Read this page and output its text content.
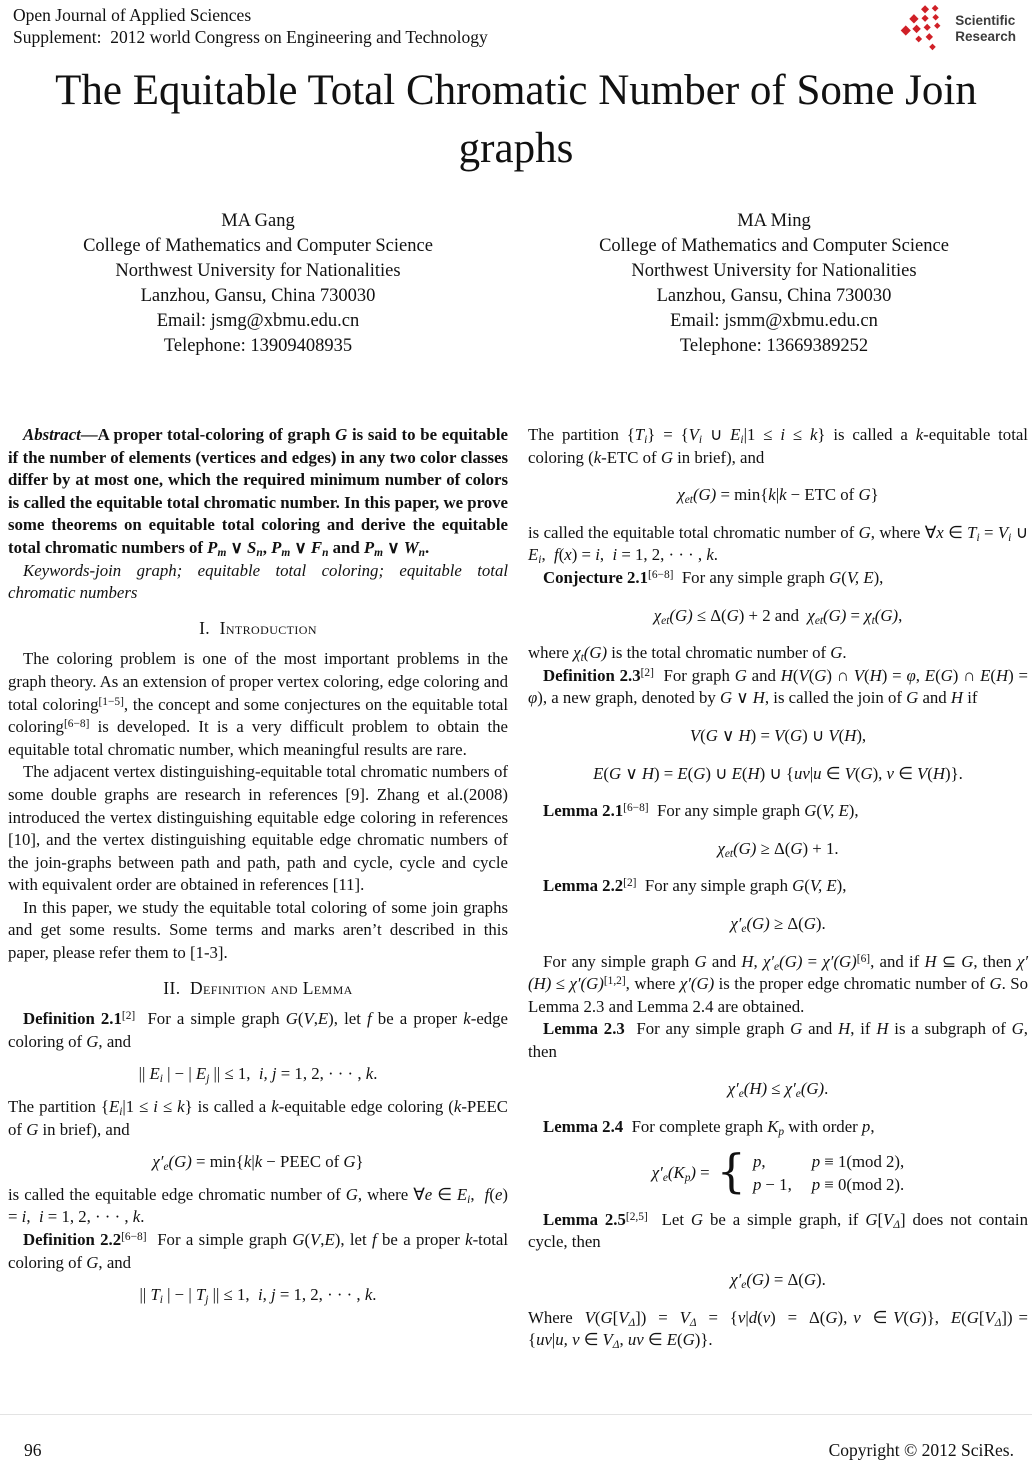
Open Journal of Applied Sciences
Supplement:  2012 world Congress on Engineering and Technology
Scientific
Research
The Equitable Total Chromatic Number of Some Join graphs
MA Gang
College of Mathematics and Computer Science
Northwest University for Nationalities
Lanzhou, Gansu, China 730030
Email: jsmg@xbmu.edu.cn
Telephone: 13909408935
MA Ming
College of Mathematics and Computer Science
Northwest University for Nationalities
Lanzhou, Gansu, China 730030
Email: jsmm@xbmu.edu.cn
Telephone: 13669389252

Abstract—A proper total-coloring of graph G is said to be equitable if the number of elements (vertices and edges) in any two color classes differ by at most one, which the required minimum number of colors is called the equitable total chromatic number. In this paper, we prove some theorems on equitable total coloring and derive the equitable total chromatic numbers of $P_m$ ∨ $S_n$, $P_m$ ∨ $F_n$ and $P_m$ ∨ $W_n$.

Keywords-join graph; equitable total coloring; equitable total chromatic numbers

I.  Introduction

The coloring problem is one of the most important problems in the graph theory. As an extension of proper vertex coloring, edge coloring and total coloring[1−5], the concept and some conjectures on the equitable total coloring[6−8] is developed. It is a very difficult problem to obtain the equitable total chromatic number, which meaningful results are rare.

The adjacent vertex distinguishing-equitable total chromatic numbers of some double graphs are research in references [9]. Zhang et al.(2008) introduced the vertex distinguishing equitable edge coloring in references [10], and the vertex distinguishing equitable edge chromatic numbers of the join-graphs between path and path, path and cycle, cycle and cycle with equivalent order are obtained in references [11].

In this paper, we study the equitable total coloring of some join graphs and get some results. Some terms and marks aren’t described in this paper, please refer them to [1-3].

II.  Definition and Lemma

Definition 2.1[2]  For a simple graph G(V,E), let f be a proper k-edge coloring of G, and

|| $E_i$ | − | $E_j$ || ≤ 1,  i, j = 1, 2, · · · , k.

The partition $\{E_i|1 \le i \le k\}$ is called a k-equitable edge coloring (k-PEEC of G in brief), and

$\chi'_e(G) = \min\{k|k$ − PEEC of G}

is called the equitable edge chromatic number of G, where ∀e ∈ $E_i$,  f(e) = i,  i = 1, 2, · · · , k.

Definition 2.2[6−8]  For a simple graph G(V,E), let f be a proper k-total coloring of G, and

|| $T_i$ | − | $T_j$ || ≤ 1,  i, j = 1, 2, · · · , k.

The partition $\{T_i\} = \{V_i$ ∪ $E_i|1 \le i \le k$} is called a k-equitable total coloring (k-ETC of G in brief), and

$\chi_{et}(G) = \min\{k|k$ − ETC of G}

is called the equitable total chromatic number of G, where ∀x ∈ $T_i = V_i$ ∪ $E_i$,  f(x) = i,  i = 1, 2, · · · , k.

Conjecture 2.1[6−8]  For any simple graph G(V, E),

$\chi_{et}(G) \le \Delta(G) + 2$ and  $\chi_{et}(G) = \chi_t(G)$,

where $\chi_t(G)$ is the total chromatic number of G.

Definition 2.3[2]  For graph G and H(V(G) ∩ V(H) = φ, E(G) ∩ E(H) = φ), a new graph, denoted by G ∨ H, is called the join of G and H if

V(G ∨ H) = V(G) ∪ V(H),
E(G ∨ H) = E(G) ∪ E(H) ∪ {uv|u ∈ V(G), v ∈ V(H)}.

Lemma 2.1[6−8]  For any simple graph G(V, E),

$\chi_{et}(G) \ge \Delta(G) + 1$.

Lemma 2.2[2]  For any simple graph G(V, E),

$\chi'_e(G) \ge \Delta(G)$.

For any simple graph G and H, $\chi'_e(G) = \chi'(G)[6]$, and if H ⊆ G, then χ′(H) ≤ χ′(G)[1,2], where χ′(G) is the proper edge chromatic number of G. So Lemma 2.3 and Lemma 2.4 are obtained.

Lemma 2.3  For any simple graph G and H, if H is a subgraph of G, then

$\chi'_e(H) \le \chi'_e(G)$.

Lemma 2.4  For complete graph $K_p$ with order p,

$\chi'_e(K_p)$ = { p,	p ≡ 1(mod 2),
p − 1, p ≡ 0(mod 2).

Lemma 2.5[2,5]  Let G be a simple graph, if $G[V_\Delta]$ does not contain cycle, then

$\chi'_e(G) = \Delta(G)$.

Where  $V(G[V_\Delta]) = V_\Delta = \{v|d(v) = \Delta(G)$, v  ∈ V(G)},  $E(G[V_\Delta]) = \{uv|u$, v ∈ $V_\Delta$, uv ∈ E(G)}.

96	Copyright © 2012 SciRes.
